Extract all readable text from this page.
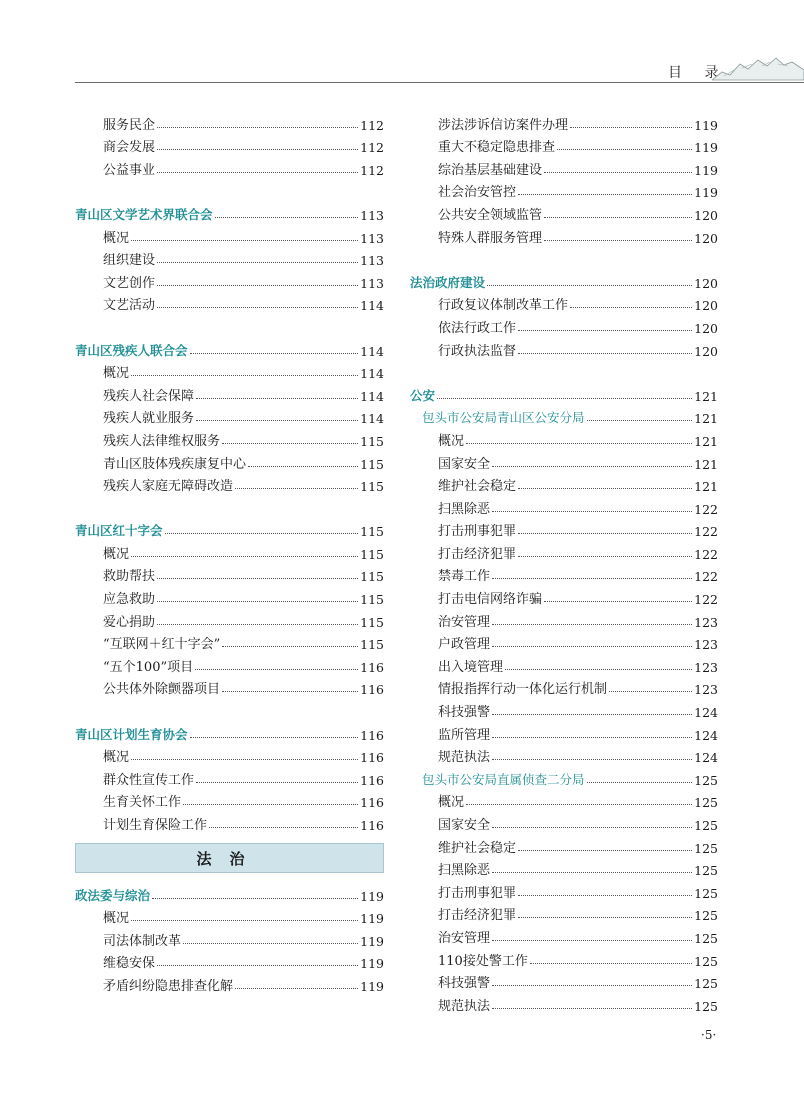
目 录
服务民企	112
商会发展	112
公益事业	112
青山区文学艺术界联合会	113
概况	113
组织建设	113
文艺创作	113
文艺活动	114
青山区残疾人联合会	114
概况	114
残疾人社会保障	114
残疾人就业服务	114
残疾人法律维权服务	115
青山区肢体残疾康复中心	115
残疾人家庭无障碍改造	115
青山区红十字会	115
概况	115
救助帮扶	115
应急救助	115
爱心捐助	115
“互联网＋红十字会”	115
“五个100”项目	116
公共体外除颤器项目	116
青山区计划生育协会	116
概况	116
群众性宣传工作	116
生育关怀工作	116
计划生育保险工作	116
法治
政法委与综治	119
概况	119
司法体制改革	119
维稳安保	119
矛盾纠纷隐患排查化解	119
涉法涉诉信访案件办理	119
重大不稳定隐患排查	119
综治基层基础建设	119
社会治安管控	119
公共安全领域监管	120
特殊人群服务管理	120
法治政府建设	120
行政复议体制改革工作	120
依法行政工作	120
行政执法监督	120
公安	121
包头市公安局青山区公安分局	121
概况	121
国家安全	121
维护社会稳定	121
扫黑除恶	122
打击刑事犯罪	122
打击经济犯罪	122
禁毒工作	122
打击电信网络诈骗	122
治安管理	123
户政管理	123
出入境管理	123
情报指挥行动一体化运行机制	123
科技强警	124
监所管理	124
规范执法	124
包头市公安局直属侦查二分局	125
概况	125
国家安全	125
维护社会稳定	125
扫黑除恶	125
打击刑事犯罪	125
打击经济犯罪	125
治安管理	125
110接处警工作	125
科技强警	125
规范执法	125
·5·
